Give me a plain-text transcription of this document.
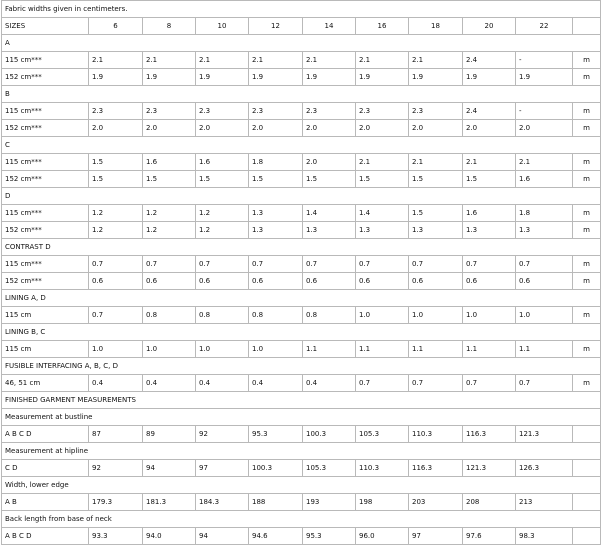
Fabric widths given in centimeters.										
SIZES	6	8	10	12	14	16	18	20	22	
A										
115 cm***	2.1	2.1	2.1	2.1	2.1	2.1	2.1	2.4	-	m
152 cm***	1.9	1.9	1.9	1.9	1.9	1.9	1.9	1.9	1.9	m
B										
115 cm***	2.3	2.3	2.3	2.3	2.3	2.3	2.3	2.4	-	m
152 cm***	2.0	2.0	2.0	2.0	2.0	2.0	2.0	2.0	2.0	m
C										
115 cm***	1.5	1.6	1.6	1.8	2.0	2.1	2.1	2.1	2.1	m
152 cm***	1.5	1.5	1.5	1.5	1.5	1.5	1.5	1.5	1.6	m
D										
115 cm***	1.2	1.2	1.2	1.3	1.4	1.4	1.5	1.6	1.8	m
152 cm***	1.2	1.2	1.2	1.3	1.3	1.3	1.3	1.3	1.3	m
CONTRAST D										
115 cm***	0.7	0.7	0.7	0.7	0.7	0.7	0.7	0.7	0.7	m
152 cm***	0.6	0.6	0.6	0.6	0.6	0.6	0.6	0.6	0.6	m
LINING A, D										
115 cm	0.7	0.8	0.8	0.8	0.8	1.0	1.0	1.0	1.0	m
LINING B, C										
115 cm	1.0	1.0	1.0	1.0	1.1	1.1	1.1	1.1	1.1	m
FUSIBLE INTERFACING A, B, C, D										
46, 51 cm	0.4	0.4	0.4	0.4	0.4	0.7	0.7	0.7	0.7	m
FINISHED GARMENT MEASUREMENTS										
Measurement at bustline										
A B C D	87	89	92	95.3	100.3	105.3	110.3	116.3	121.3	
Measurement at hipline										
C D	92	94	97	100.3	105.3	110.3	116.3	121.3	126.3	
Width, lower edge										
A B	179.3	181.3	184.3	188	193	198	203	208	213	
Back length from base of neck										
A B C D	93.3	94.0	94	94.6	95.3	96.0	97	97.6	98.3	
